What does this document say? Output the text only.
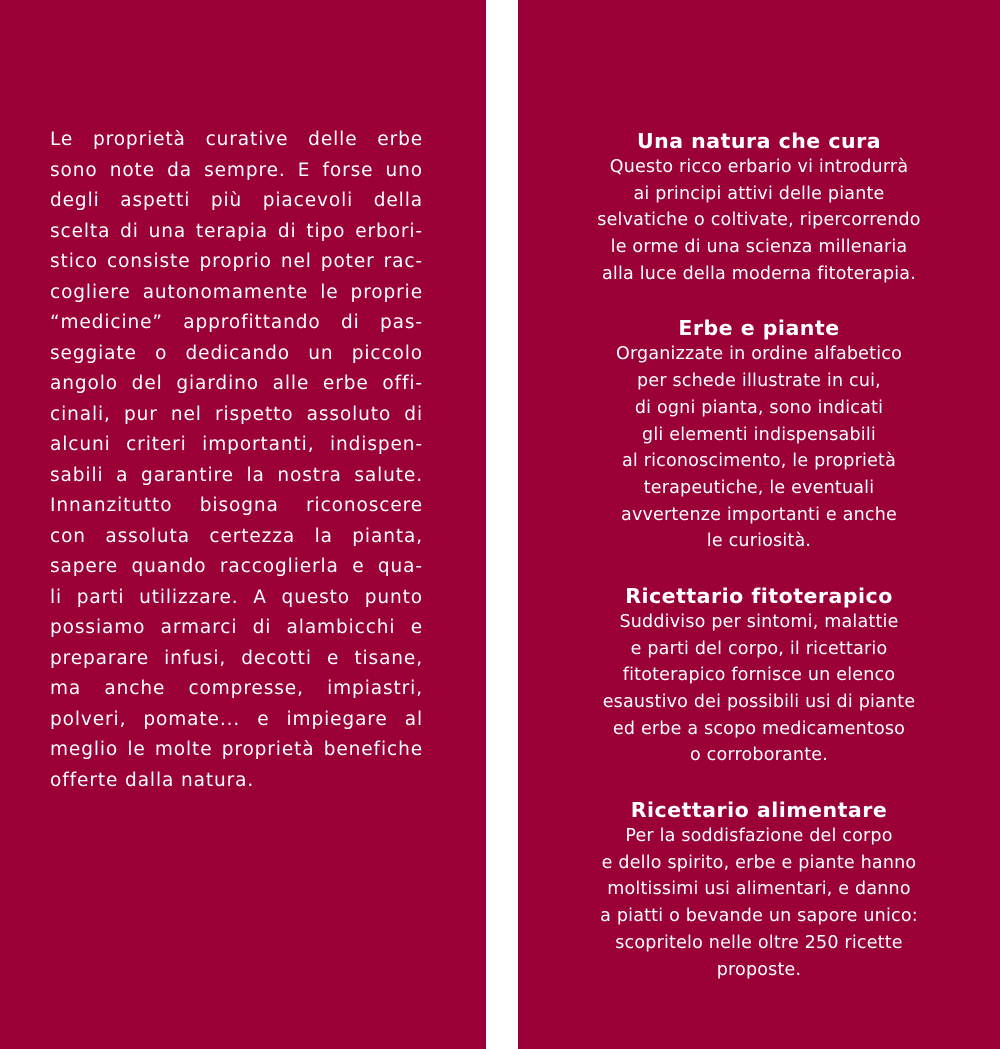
Le proprietà curative delle erbe
sono note da sempre. E forse uno
degli aspetti più piacevoli della
scelta di una terapia di tipo erbori-
stico consiste proprio nel poter rac-
cogliere autonomamente le proprie
“medicine” approfittando di pas-
seggiate o dedicando un piccolo
angolo del giardino alle erbe offi-
cinali, pur nel rispetto assoluto di
alcuni criteri importanti, indispen-
sabili a garantire la nostra salute.
Innanzitutto bisogna riconoscere
con assoluta certezza la pianta,
sapere quando raccoglierla e qua-
li parti utilizzare. A questo punto
possiamo armarci di alambicchi e
preparare infusi, decotti e tisane,
ma anche compresse, impiastri,
polveri, pomate... e impiegare al
meglio le molte proprietà benefiche
offerte dalla natura.
Una natura che cura
Questo ricco erbario vi introdurrà
ai principi attivi delle piante
selvatiche o coltivate, ripercorrendo
le orme di una scienza millenaria
alla luce della moderna fitoterapia.
Erbe e piante
Organizzate in ordine alfabetico
per schede illustrate in cui,
di ogni pianta, sono indicati
gli elementi indispensabili
al riconoscimento, le proprietà
terapeutiche, le eventuali
avvertenze importanti e anche
le curiosità.
Ricettario fitoterapico
Suddiviso per sintomi, malattie
e parti del corpo, il ricettario
fitoterapico fornisce un elenco
esaustivo dei possibili usi di piante
ed erbe a scopo medicamentoso
o corroborante.
Ricettario alimentare
Per la soddisfazione del corpo
e dello spirito, erbe e piante hanno
moltissimi usi alimentari, e danno
a piatti o bevande un sapore unico:
scopritelo nelle oltre 250 ricette
proposte.
